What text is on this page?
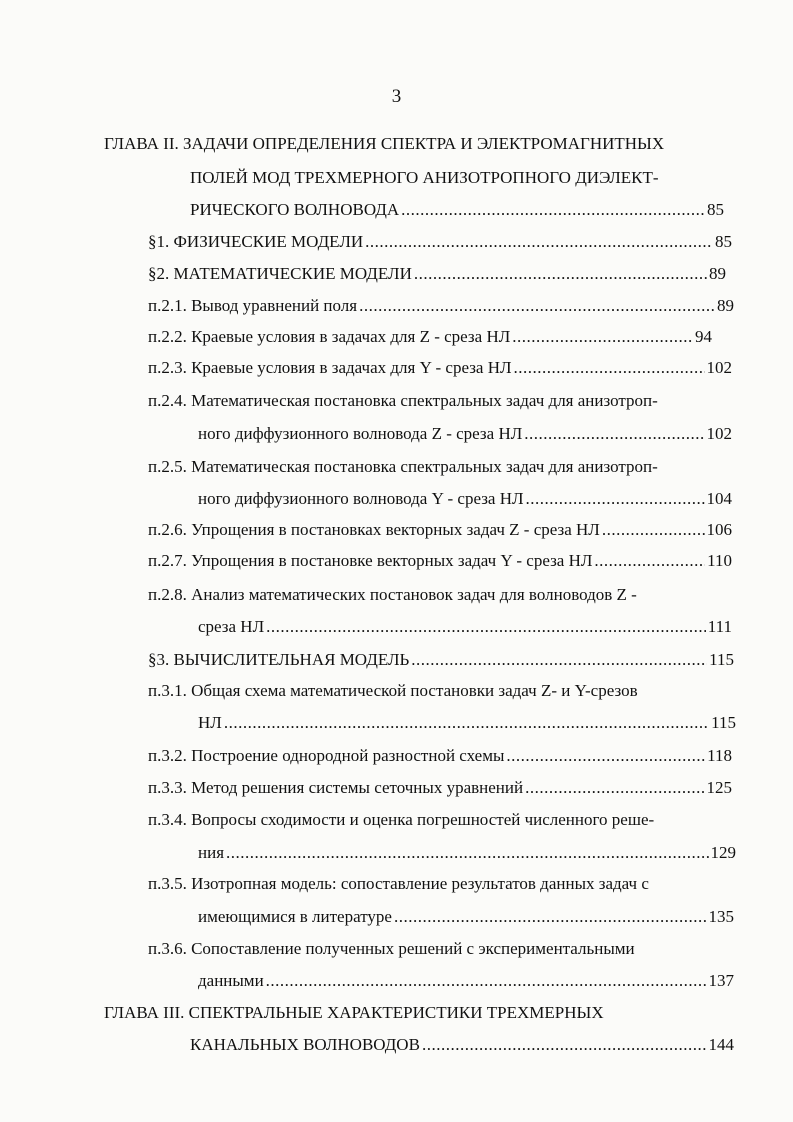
3
ГЛАВА II. ЗАДАЧИ ОПРЕДЕЛЕНИЯ СПЕКТРА И ЭЛЕКТРОМАГНИТНЫХ
ПОЛЕЙ МОД ТРЕХМЕРНОГО АНИЗОТРОПНОГО ДИЭЛЕКТ-
РИЧЕСКОГО ВОЛНОВОДА .....	85
§1. ФИЗИЧЕСКИЕ МОДЕЛИ .....	85
§2. МАТЕМАТИЧЕСКИЕ МОДЕЛИ .....	89
п.2.1. Вывод уравнений поля .....	89
п.2.2. Краевые условия в задачах для Z - среза НЛ .....	94
п.2.3. Краевые условия в задачах для Y - среза НЛ .....	102
п.2.4. Математическая постановка спектральных задач для анизотроп-
ного диффузионного волновода Z - среза НЛ .....	102
п.2.5. Математическая постановка спектральных задач для анизотроп-
ного диффузионного волновода Y - среза НЛ .....	104
п.2.6. Упрощения в постановках векторных задач Z - среза НЛ .....	106
п.2.7. Упрощения в постановке векторных задач Y - среза НЛ .....	110
п.2.8. Анализ математических постановок задач для волноводов Z -
среза НЛ .....	111
§3. ВЫЧИСЛИТЕЛЬНАЯ МОДЕЛЬ .....	115
п.3.1. Общая схема математической постановки задач Z- и Y-срезов
НЛ .....	115
п.3.2. Построение однородной разностной схемы .....	118
п.3.3. Метод решения системы сеточных уравнений .....	125
п.3.4. Вопросы сходимости и оценка погрешностей численного реше-
ния .....	129
п.3.5. Изотропная модель: сопоставление результатов данных задач с
имеющимися в литературе .....	135
п.3.6. Сопоставление полученных решений с экспериментальными
данными .....	137
ГЛАВА III. СПЕКТРАЛЬНЫЕ ХАРАКТЕРИСТИКИ ТРЕХМЕРНЫХ
КАНАЛЬНЫХ ВОЛНОВОДОВ .....	144
